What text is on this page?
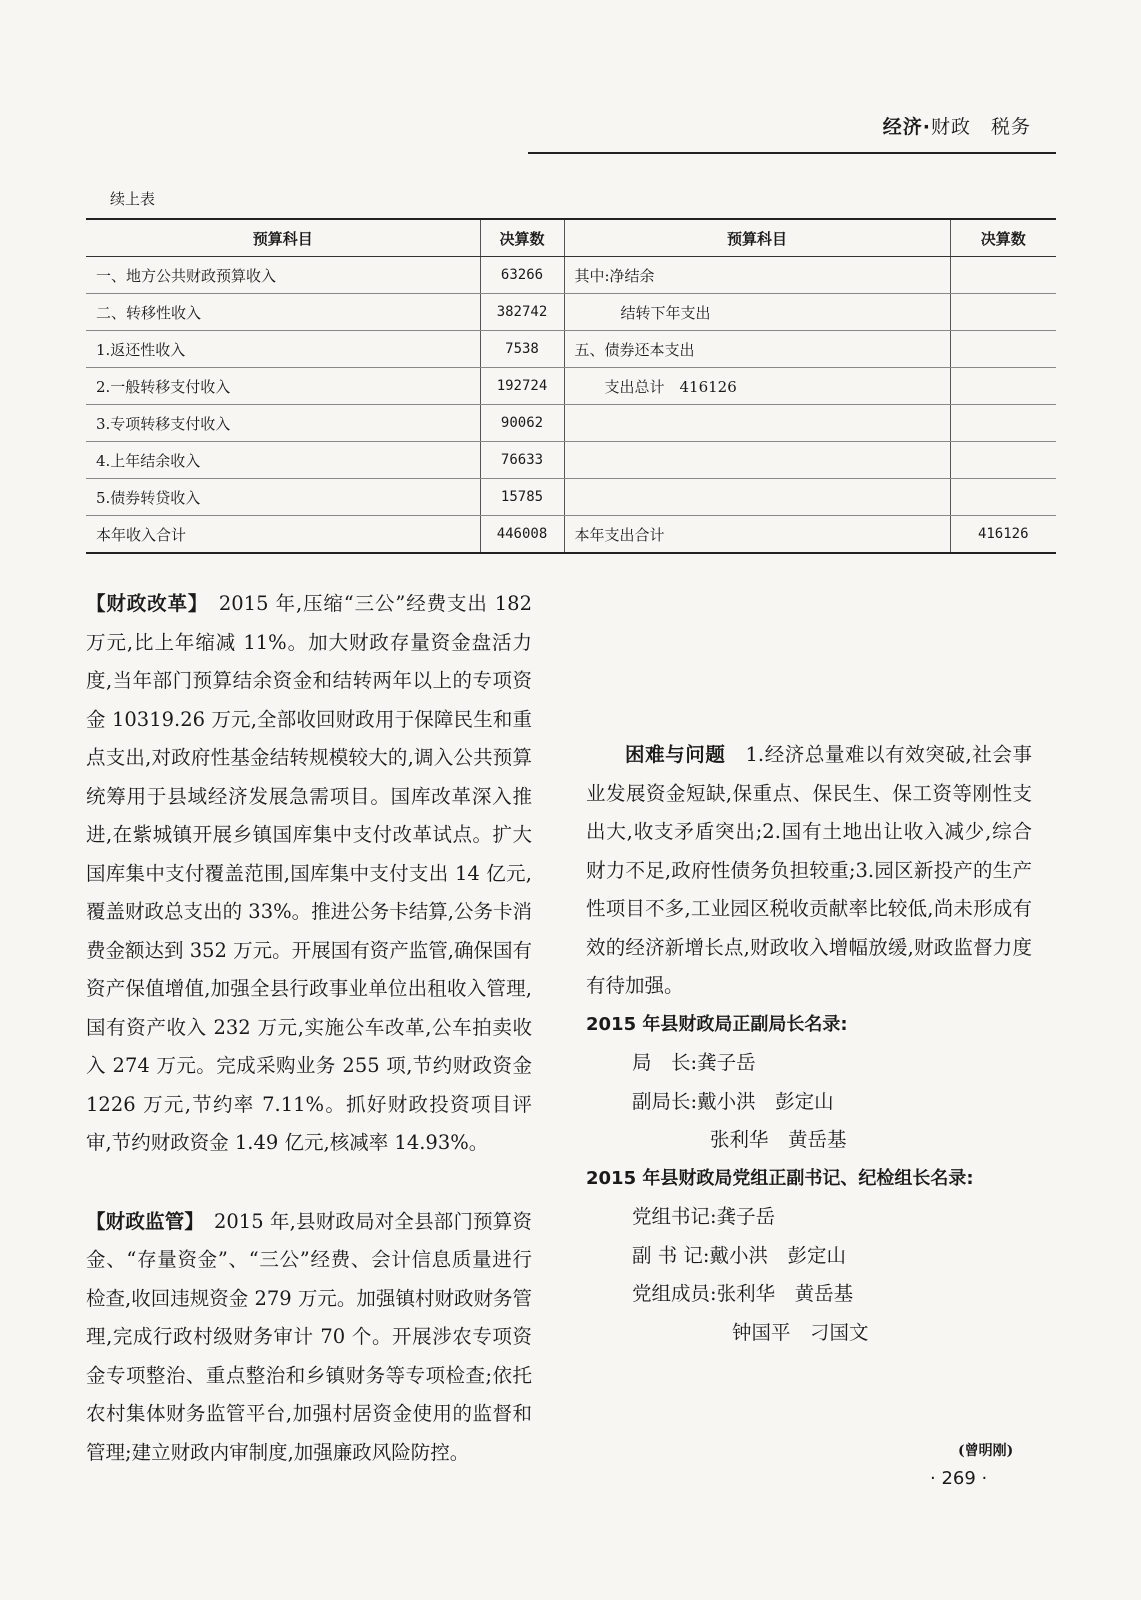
经济·财政　税务
续上表
预算科目	决算数	预算科目	决算数
一、地方公共财政预算收入	63266	其中:净结余	
二、转移性收入	382742	结转下年支出	
1.返还性收入	7538	五、债券还本支出	
2.一般转移支付收入	192724	支出总计　416126	
3.专项转移支付收入	90062		
4.上年结余收入	76633		
5.债券转贷收入	15785		
本年收入合计	446008	本年支出合计	416126

【财政改革】　2015 年,压缩“三公”经费支出 182 万元,比上年缩减 11%。加大财政存量资金盘活力度,当年部门预算结余资金和结转两年以上的专项资金 10319.26 万元,全部收回财政用于保障民生和重点支出,对政府性基金结转规模较大的,调入公共预算统筹用于县域经济发展急需项目。国库改革深入推进,在紫城镇开展乡镇国库集中支付改革试点。扩大国库集中支付覆盖范围,国库集中支付支出 14 亿元,覆盖财政总支出的 33%。推进公务卡结算,公务卡消费金额达到 352 万元。开展国有资产监管,确保国有资产保值增值,加强全县行政事业单位出租收入管理,国有资产收入 232 万元,实施公车改革,公车拍卖收入 274 万元。完成采购业务 255 项,节约财政资金 1226 万元,节约率 7.11%。抓好财政投资项目评审,节约财政资金 1.49 亿元,核减率 14.93%。

【财政监管】　2015 年,县财政局对全县部门预算资金、“存量资金”、“三公”经费、会计信息质量进行检查,收回违规资金 279 万元。加强镇村财政财务管理,完成行政村级财务审计 70 个。开展涉农专项资金专项整治、重点整治和乡镇财务等专项检查;依托农村集体财务监管平台,加强村居资金使用的监督和管理;建立财政内审制度,加强廉政风险防控。

困难与问题　1.经济总量难以有效突破,社会事业发展资金短缺,保重点、保民生、保工资等刚性支出大,收支矛盾突出;2.国有土地出让收入减少,综合财力不足,政府性债务负担较重;3.园区新投产的生产性项目不多,工业园区税收贡献率比较低,尚未形成有效的经济新增长点,财政收入增幅放缓,财政监督力度有待加强。

2015 年县财政局正副局长名录:

局　长:龚子岳

副局长:戴小洪　彭定山

张利华　黄岳基

2015 年县财政局党组正副书记、纪检组长名录:

党组书记:龚子岳

副 书 记:戴小洪　彭定山

党组成员:张利华　黄岳基

钟国平　刁国文

(曾明刚)
· 269 ·
